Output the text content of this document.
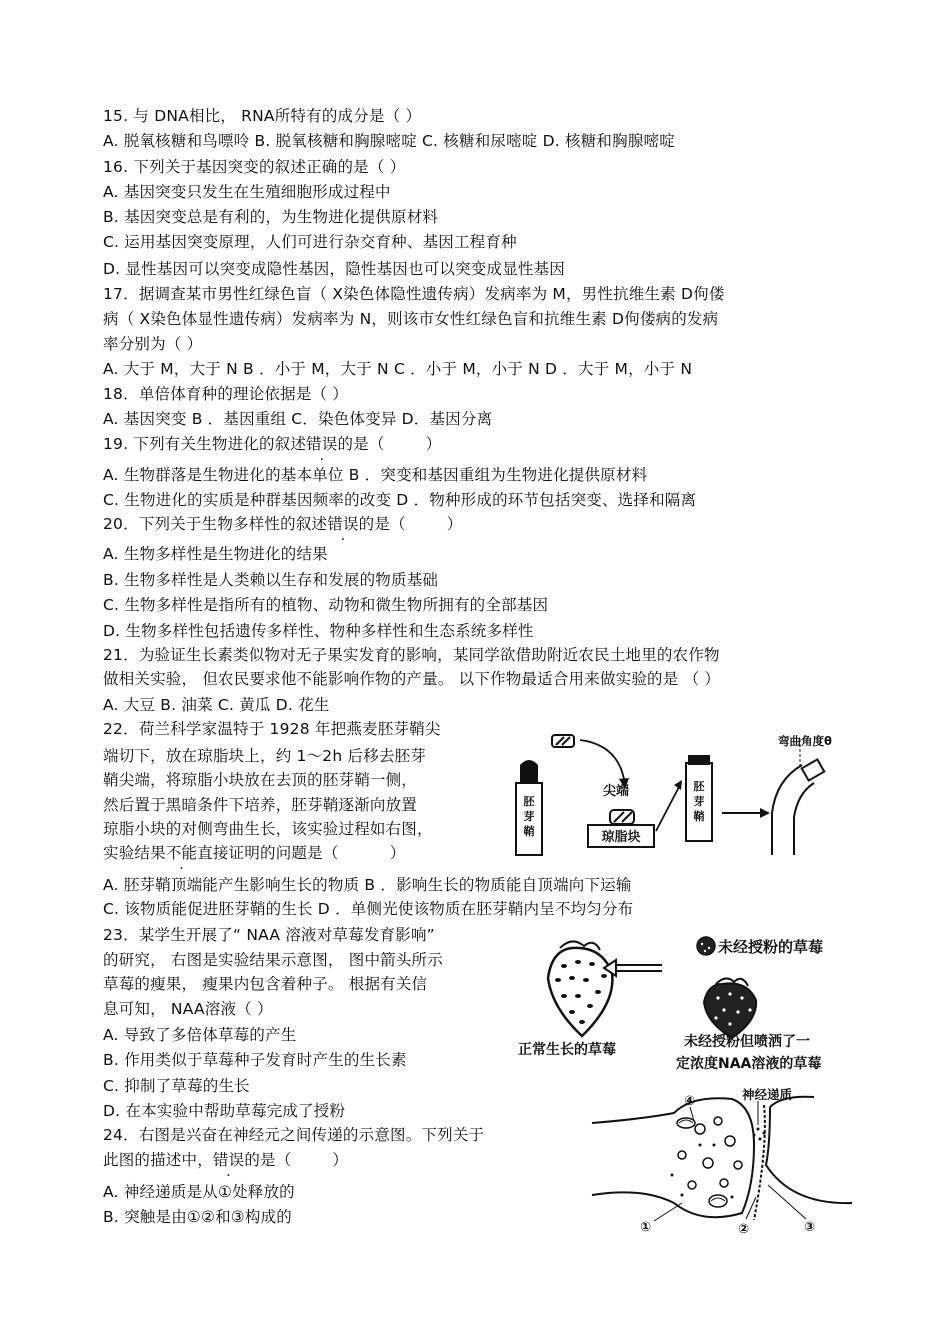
15. 与 DNA相比， RNA所特有的成分是（ ）
A. 脱氧核糖和鸟嘌呤 B. 脱氧核糖和胸腺嘧啶 C. 核糖和尿嘧啶 D. 核糖和胸腺嘧啶
16. 下列关于基因突变的叙述正确的是（ ）
A. 基因突变只发生在生殖细胞形成过程中
B. 基因突变总是有利的，为生物进化提供原材料
C. 运用基因突变原理，人们可进行杂交育种、基因工程育种
D. 显性基因可以突变成隐性基因，隐性基因也可以突变成显性基因
17．据调查某市男性红绿色盲（ X染色体隐性遗传病）发病率为 M，男性抗维生素 D佝偻
病（ X染色体显性遗传病）发病率为 N，则该市女性红绿色盲和抗维生素 D佝偻病的发病
率分别为（ ）
A. 大于 M，大于 N B ．小于 M，大于 N C ．小于 M，小于 N D ．大于 M，小于 N
18．单倍体育种的理论依据是（ ）
A. 基因突变 B ．基因重组 C．染色体变异 D．基因分离
19. 下列有关生物进化的叙述错误的是（        ）
A. 生物群落是生物进化的基本单位 B ．突变和基因重组为生物进化提供原材料
C. 生物进化的实质是种群基因频率的改变 D ．物种形成的环节包括突变、选择和隔离
20．下列关于生物多样性的叙述错误的是（        ）
A. 生物多样性是生物进化的结果
B. 生物多样性是人类赖以生存和发展的物质基础
C. 生物多样性是指所有的植物、动物和微生物所拥有的全部基因
D. 生物多样性包括遗传多样性、物种多样性和生态系统多样性
21．为验证生长素类似物对无子果实发育的影响，某同学欲借助附近农民土地里的农作物
做相关实验， 但农民要求他不能影响作物的产量。 以下作物最适合用来做实验的是 （ ）
A. 大豆 B. 油菜 C. 黄瓜 D. 花生
22．荷兰科学家温特于 1928 年把燕麦胚芽鞘尖
端切下，放在琼脂块上，约 1～2h 后移去胚芽
鞘尖端，将琼脂小块放在去顶的胚芽鞘一侧，
然后置于黑暗条件下培养，胚芽鞘逐渐向放置
琼脂小块的对侧弯曲生长，该实验过程如右图，
实验结果不能直接证明的问题是（          ）
A. 胚芽鞘顶端能产生影响生长的物质 B ．影响生长的物质能自顶端向下运输
C. 该物质能促进胚芽鞘的生长 D ．单侧光使该物质在胚芽鞘内呈不均匀分布
胚
芽
鞘
尖端
琼脂块
胚
芽
鞘
弯曲角度θ
23．某学生开展了“ NAA 溶液对草莓发育影响”
的研究， 右图是实验结果示意图， 图中箭头所示
草莓的瘦果， 瘦果内包含着种子。 根据有关信
息可知， NAA溶液（ ）
A. 导致了多倍体草莓的产生
B. 作用类似于草莓种子发育时产生的生长素
C. 抑制了草莓的生长
D. 在本实验中帮助草莓完成了授粉
正常生长的草莓
未经授粉的草莓
未经授粉但喷洒了一
定浓度NAA溶液的草莓
24．右图是兴奋在神经元之间传递的示意图。下列关于
此图的描述中，错误的是（        ）
A. 神经递质是从①处释放的
B. 突触是由①②和③构成的
神经递质
④
①	②	③
